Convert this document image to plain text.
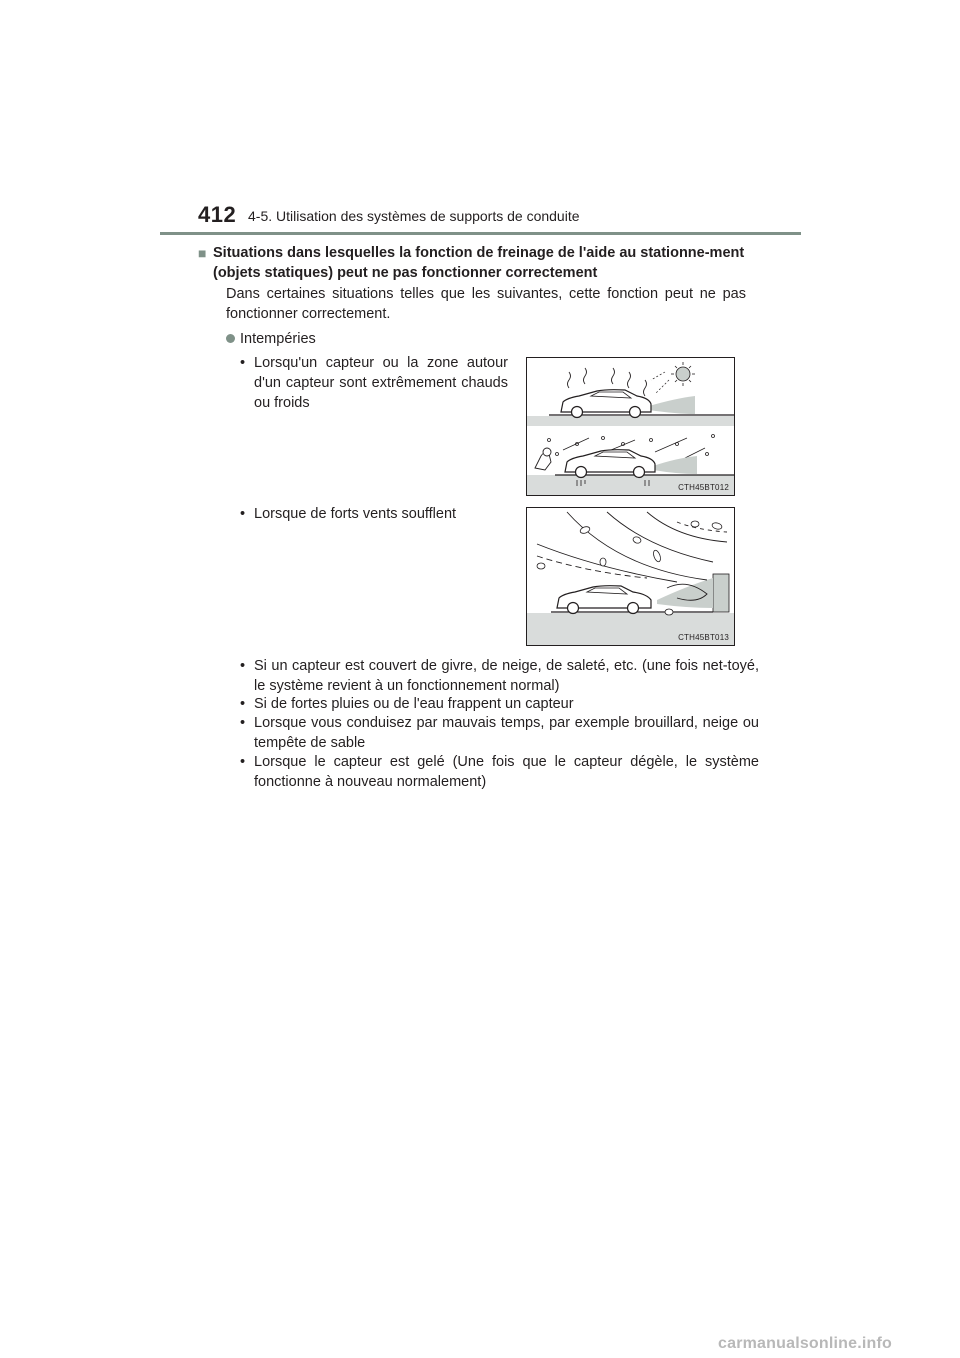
412 4-5. Utilisation des systèmes de supports de conduite
■ Situations dans lesquelles la fonction de freinage de l'aide au stationne-ment (objets statiques) peut ne pas fonctionner correctement
Dans certaines situations telles que les suivantes, cette fonction peut ne pas fonctionner correctement.
Intempéries
• Lorsqu'un capteur ou la zone autour d'un capteur sont extrêmement chauds ou froids
CTH45BT012
• Lorsque de forts vents soufflent
CTH45BT013
• Si un capteur est couvert de givre, de neige, de saleté, etc. (une fois net-toyé, le système revient à un fonctionnement normal)
• Si de fortes pluies ou de l'eau frappent un capteur
• Lorsque vous conduisez par mauvais temps, par exemple brouillard, neige ou tempête de sable
• Lorsque le capteur est gelé (Une fois que le capteur dégèle, le système fonctionne à nouveau normalement)
carmanualsonline.info
